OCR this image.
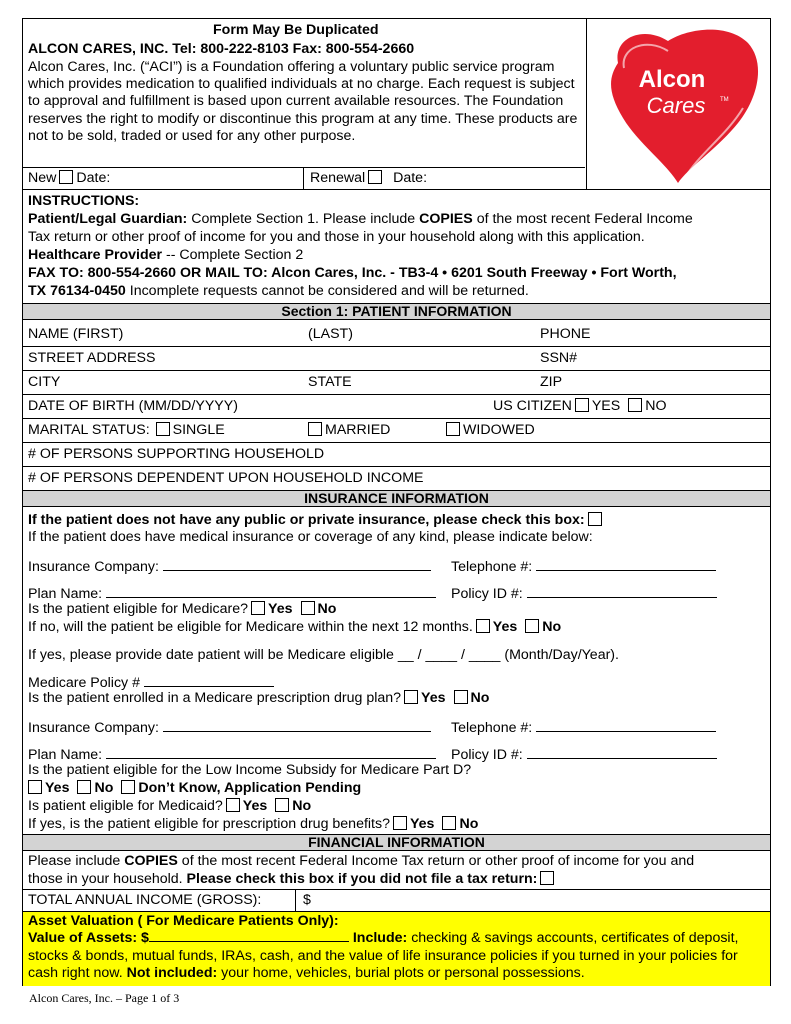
Form May Be Duplicated
ALCON CARES, INC. Tel: 800-222-8103 Fax: 800-554-2660
Alcon Cares, Inc. (“ACI”) is a Foundation offering a voluntary public service program which provides medication to qualified individuals at no charge. Each request is subject to approval and fulfillment is based upon current available resources. The Foundation reserves the right to modify or discontinue this program at any time. These products are not to be sold, traded or used for any other purpose.
Alcon
Cares TM
New Date:	Renewal Date:
INSTRUCTIONS:
Patient/Legal Guardian: Complete Section 1. Please include COPIES of the most recent Federal Income
Tax return or other proof of income for you and those in your household along with this application.
Healthcare Provider -- Complete Section 2
FAX TO: 800-554-2660 OR MAIL TO: Alcon Cares, Inc. - TB3-4 • 6201 South Freeway • Fort Worth,
TX 76134-0450 Incomplete requests cannot be considered and will be returned.
Section 1: PATIENT INFORMATION
NAME (FIRST)	(LAST)	PHONE
STREET ADDRESS	SSN#
CITY	STATE	ZIP
DATE OF BIRTH (MM/DD/YYYY)	US CITIZEN YES NO
MARITAL STATUS: SINGLE	MARRIED	WIDOWED
# OF PERSONS SUPPORTING HOUSEHOLD
# OF PERSONS DEPENDENT UPON HOUSEHOLD INCOME
INSURANCE INFORMATION
If the patient does not have any public or private insurance, please check this box:
If the patient does have medical insurance or coverage of any kind, please indicate below:
Insurance Company:	Telephone #:
Plan Name:	Policy ID #:
Is the patient eligible for Medicare? Yes No
If no, will the patient be eligible for Medicare within the next 12 months. Yes No
If yes, please provide date patient will be Medicare eligible __ / ____ / ____ (Month/Day/Year).
Medicare Policy #
Is the patient enrolled in a Medicare prescription drug plan? Yes No
Insurance Company:	Telephone #:
Plan Name:	Policy ID #:
Is the patient eligible for the Low Income Subsidy for Medicare Part D?
Yes No Don’t Know, Application Pending
Is patient eligible for Medicaid? Yes No
If yes, is the patient eligible for prescription drug benefits? Yes No
FINANCIAL INFORMATION
Please include COPIES of the most recent Federal Income Tax return or other proof of income for you and
those in your household. Please check this box if you did not file a tax return:
TOTAL ANNUAL INCOME (GROSS):	$
Asset Valuation ( For Medicare Patients Only):
Value of Assets: $	Include: checking & savings accounts, certificates of deposit, stocks & bonds, mutual funds, IRAs, cash, and the value of life insurance policies if you turned in your policies for cash right now. Not included: your home, vehicles, burial plots or personal possessions.
Alcon Cares, Inc. – Page 1 of 3
